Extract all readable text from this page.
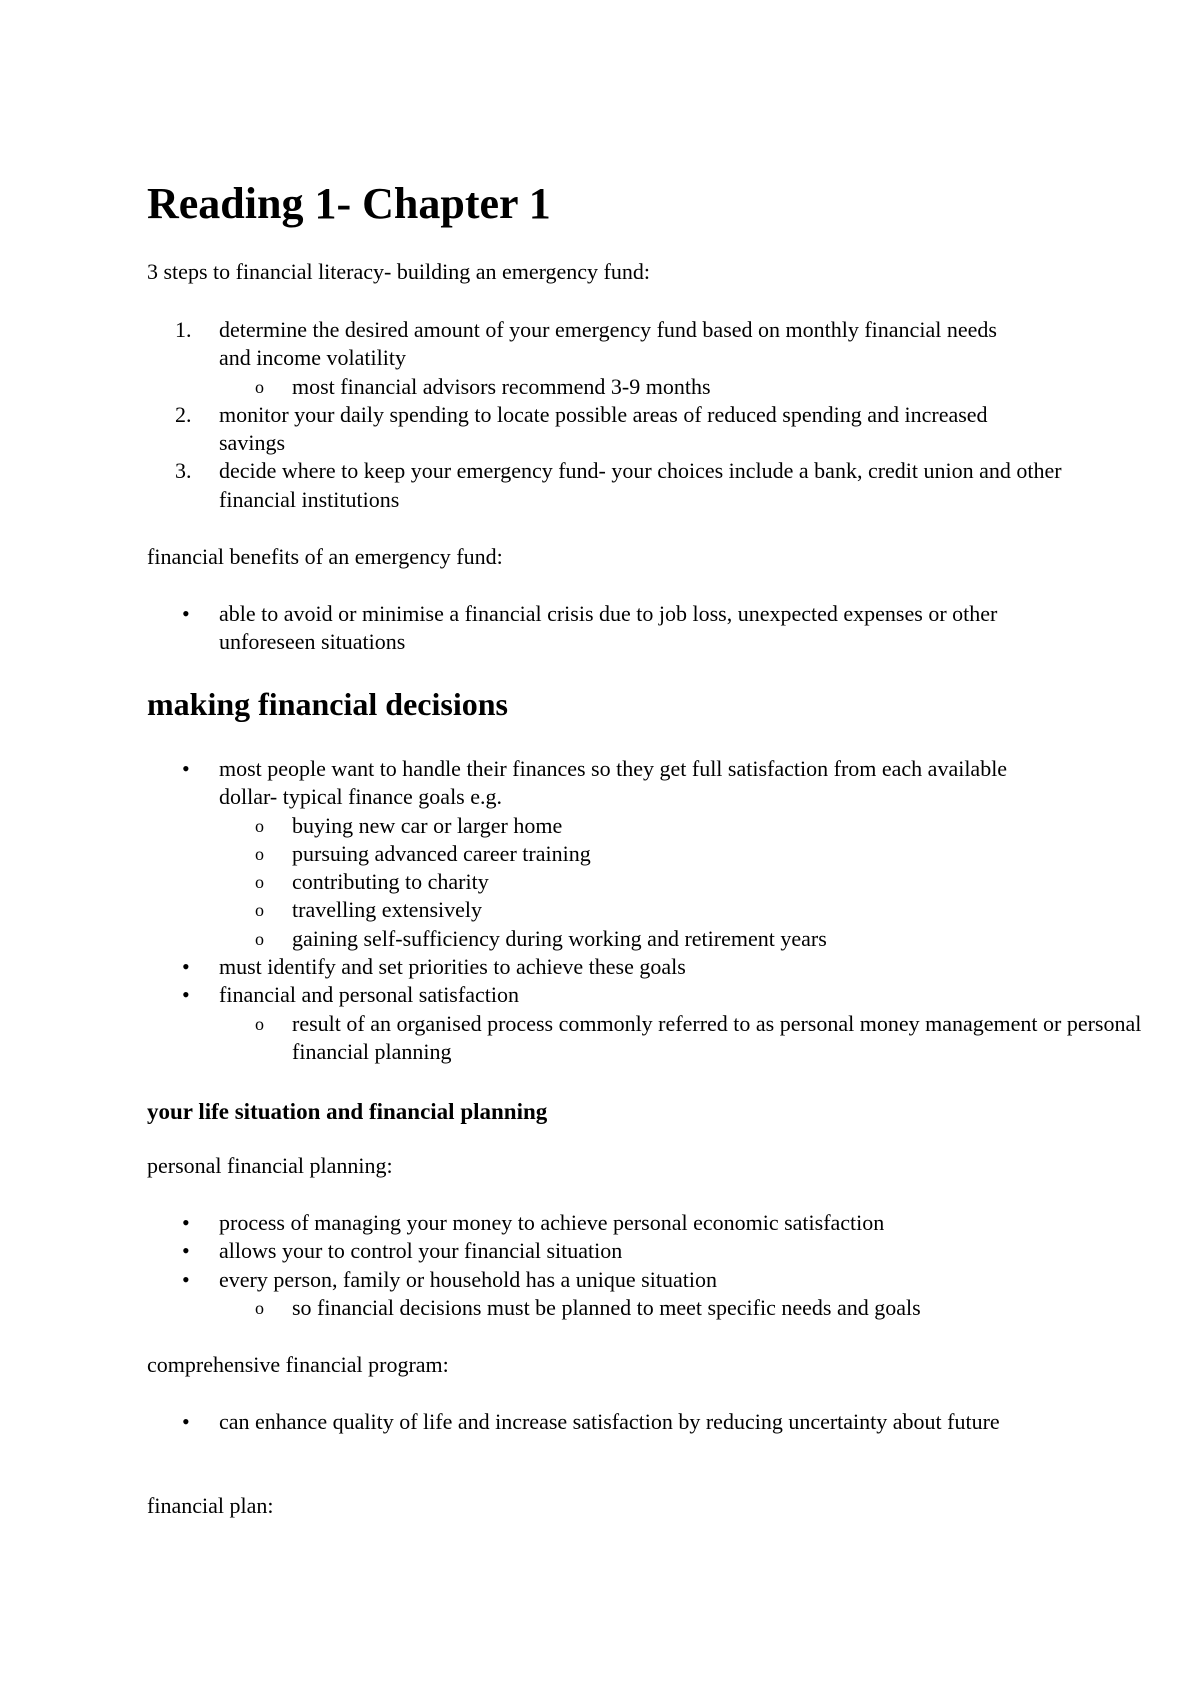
Reading 1- Chapter 1

3 steps to financial literacy- building an emergency fund:

1.	determine the desired amount of your emergency fund based on monthly financial needs and income volatility
o	most financial advisors recommend 3-9 months
2.	monitor your daily spending to locate possible areas of reduced spending and increased savings
3.	decide where to keep your emergency fund- your choices include a bank, credit union and other financial institutions

financial benefits of an emergency fund:

•	able to avoid or minimise a financial crisis due to job loss, unexpected expenses or other unforeseen situations
making financial decisions
•	most people want to handle their finances so they get full satisfaction from each available dollar- typical finance goals e.g.
o	buying new car or larger home
o	pursuing advanced career training
o	contributing to charity
o	travelling extensively
o	gaining self-sufficiency during working and retirement years
•	must identify and set priorities to achieve these goals
•	financial and personal satisfaction
o	result of an organised process commonly referred to as personal money management or personal financial planning
your life situation and financial planning

personal financial planning:

•	process of managing your money to achieve personal economic satisfaction
•	allows your to control your financial situation
•	every person, family or household has a unique situation
o	so financial decisions must be planned to meet specific needs and goals

comprehensive financial program:

•	can enhance quality of life and increase satisfaction by reducing uncertainty about future

financial plan:
